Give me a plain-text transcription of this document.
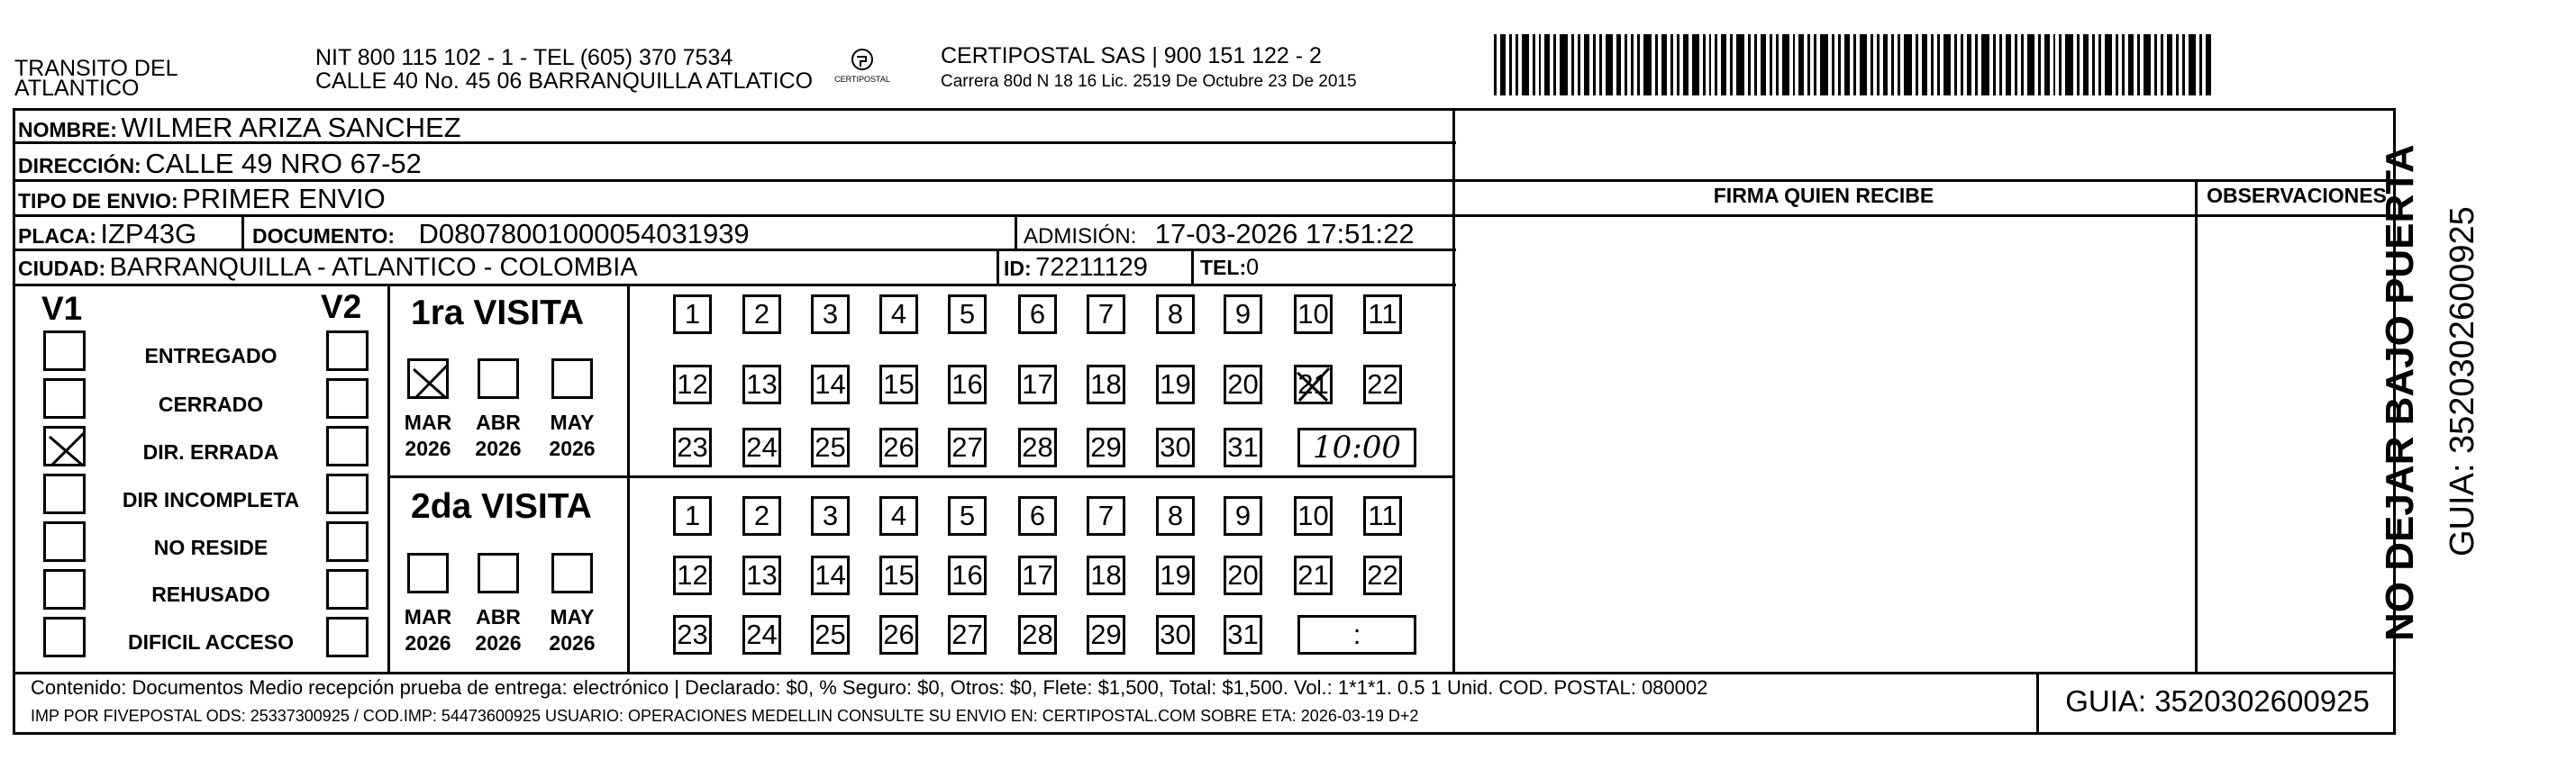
TRANSITO DEL
ATLANTICO
NIT 800 115 102 - 1 - TEL (605) 370 7534
CALLE 40 No. 45 06 BARRANQUILLA ATLATICO	CERTIPOSTAL
CERTIPOSTAL SAS | 900 151 122 - 2
Carrera 80d N 18 16 Lic. 2519 De Octubre 23 De 2015
NOMBRE: WILMER ARIZA SANCHEZ
DIRECCIÓN: CALLE 49 NRO 67-52
TIPO DE ENVIO: PRIMER ENVIO
PLACA: IZP43G	DOCUMENTO: D08078001000054031939	ADMISIÓN: 17-03-2026 17:51:22
CIUDAD: BARRANQUILLA - ATLANTICO - COLOMBIA	ID: 72211129	TEL:0
FIRMA QUIEN RECIBE	OBSERVACIONES
V1	V2 1ra VISITA
2da VISITA
Contenido: Documentos Medio recepción prueba de entrega: electrónico | Declarado: $0, % Seguro: $0, Otros: $0, Flete: $1,500, Total: $1,500. Vol.: 1*1*1. 0.5 1 Unid. COD. POSTAL: 080002
IMP POR FIVEPOSTAL ODS: 25337300925 / COD.IMP: 54473600925 USUARIO: OPERACIONES MEDELLIN CONSULTE SU ENVIO EN: CERTIPOSTAL.COM SOBRE ETA: 2026-03-19 D+2	GUIA: 3520302600925
NO DEJAR BAJO PUERTA GUIA: 3520302600925
ENTREGADO
CERRADO
DIR. ERRADA
DIR INCOMPLETA
NO RESIDE
REHUSADO
DIFICIL ACCESO
MAR
2026
ABR
2026
MAY
2026
MAR
2026
ABR
2026
MAY
2026
1	2	3	4	5	6	7	8	9	10 11
12 13 14 15 16 17 18 19 20 21 22
23 24 25 26 27 28 29 30 31	10:00
1	2	3	4	5	6	7	8	9	10 11
12 13 14 15 16 17 18 19 20 21 22
23 24 25 26 27 28 29 30 31	:
